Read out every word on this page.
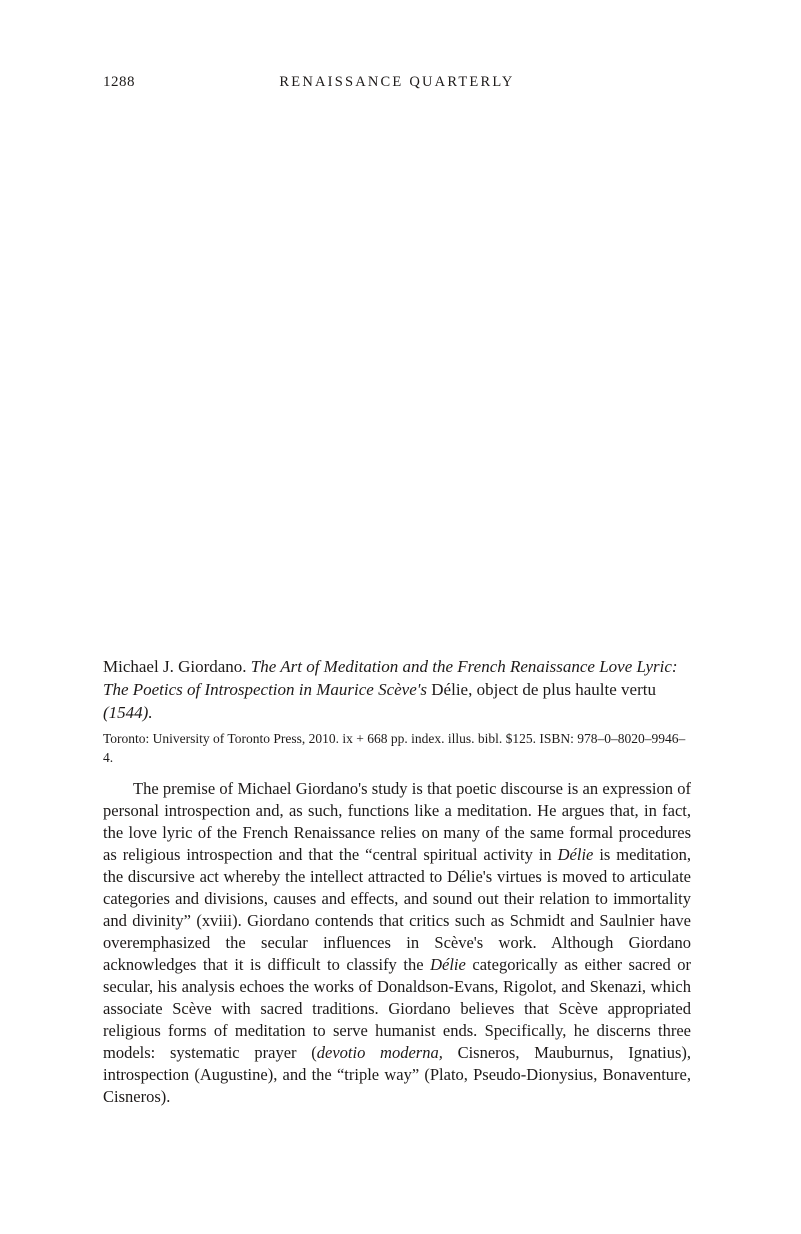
1288	RENAISSANCE QUARTERLY
Michael J. Giordano. The Art of Meditation and the French Renaissance Love Lyric: The Poetics of Introspection in Maurice Scève's Délie, object de plus haulte vertu (1544).

Toronto: University of Toronto Press, 2010. ix + 668 pp. index. illus. bibl. $125. ISBN: 978–0–8020–9946–4.

The premise of Michael Giordano's study is that poetic discourse is an expression of personal introspection and, as such, functions like a meditation. He argues that, in fact, the love lyric of the French Renaissance relies on many of the same formal procedures as religious introspection and that the “central spiritual activity in Délie is meditation, the discursive act whereby the intellect attracted to Délie's virtues is moved to articulate categories and divisions, causes and effects, and sound out their relation to immortality and divinity” (xviii). Giordano contends that critics such as Schmidt and Saulnier have overemphasized the secular influences in Scève's work. Although Giordano acknowledges that it is difficult to classify the Délie categorically as either sacred or secular, his analysis echoes the works of Donaldson-Evans, Rigolot, and Skenazi, which associate Scève with sacred traditions. Giordano believes that Scève appropriated religious forms of meditation to serve humanist ends. Specifically, he discerns three models: systematic prayer (devotio moderna, Cisneros, Mauburnus, Ignatius), introspection (Augustine), and the “triple way” (Plato, Pseudo-Dionysius, Bonaventure, Cisneros).
